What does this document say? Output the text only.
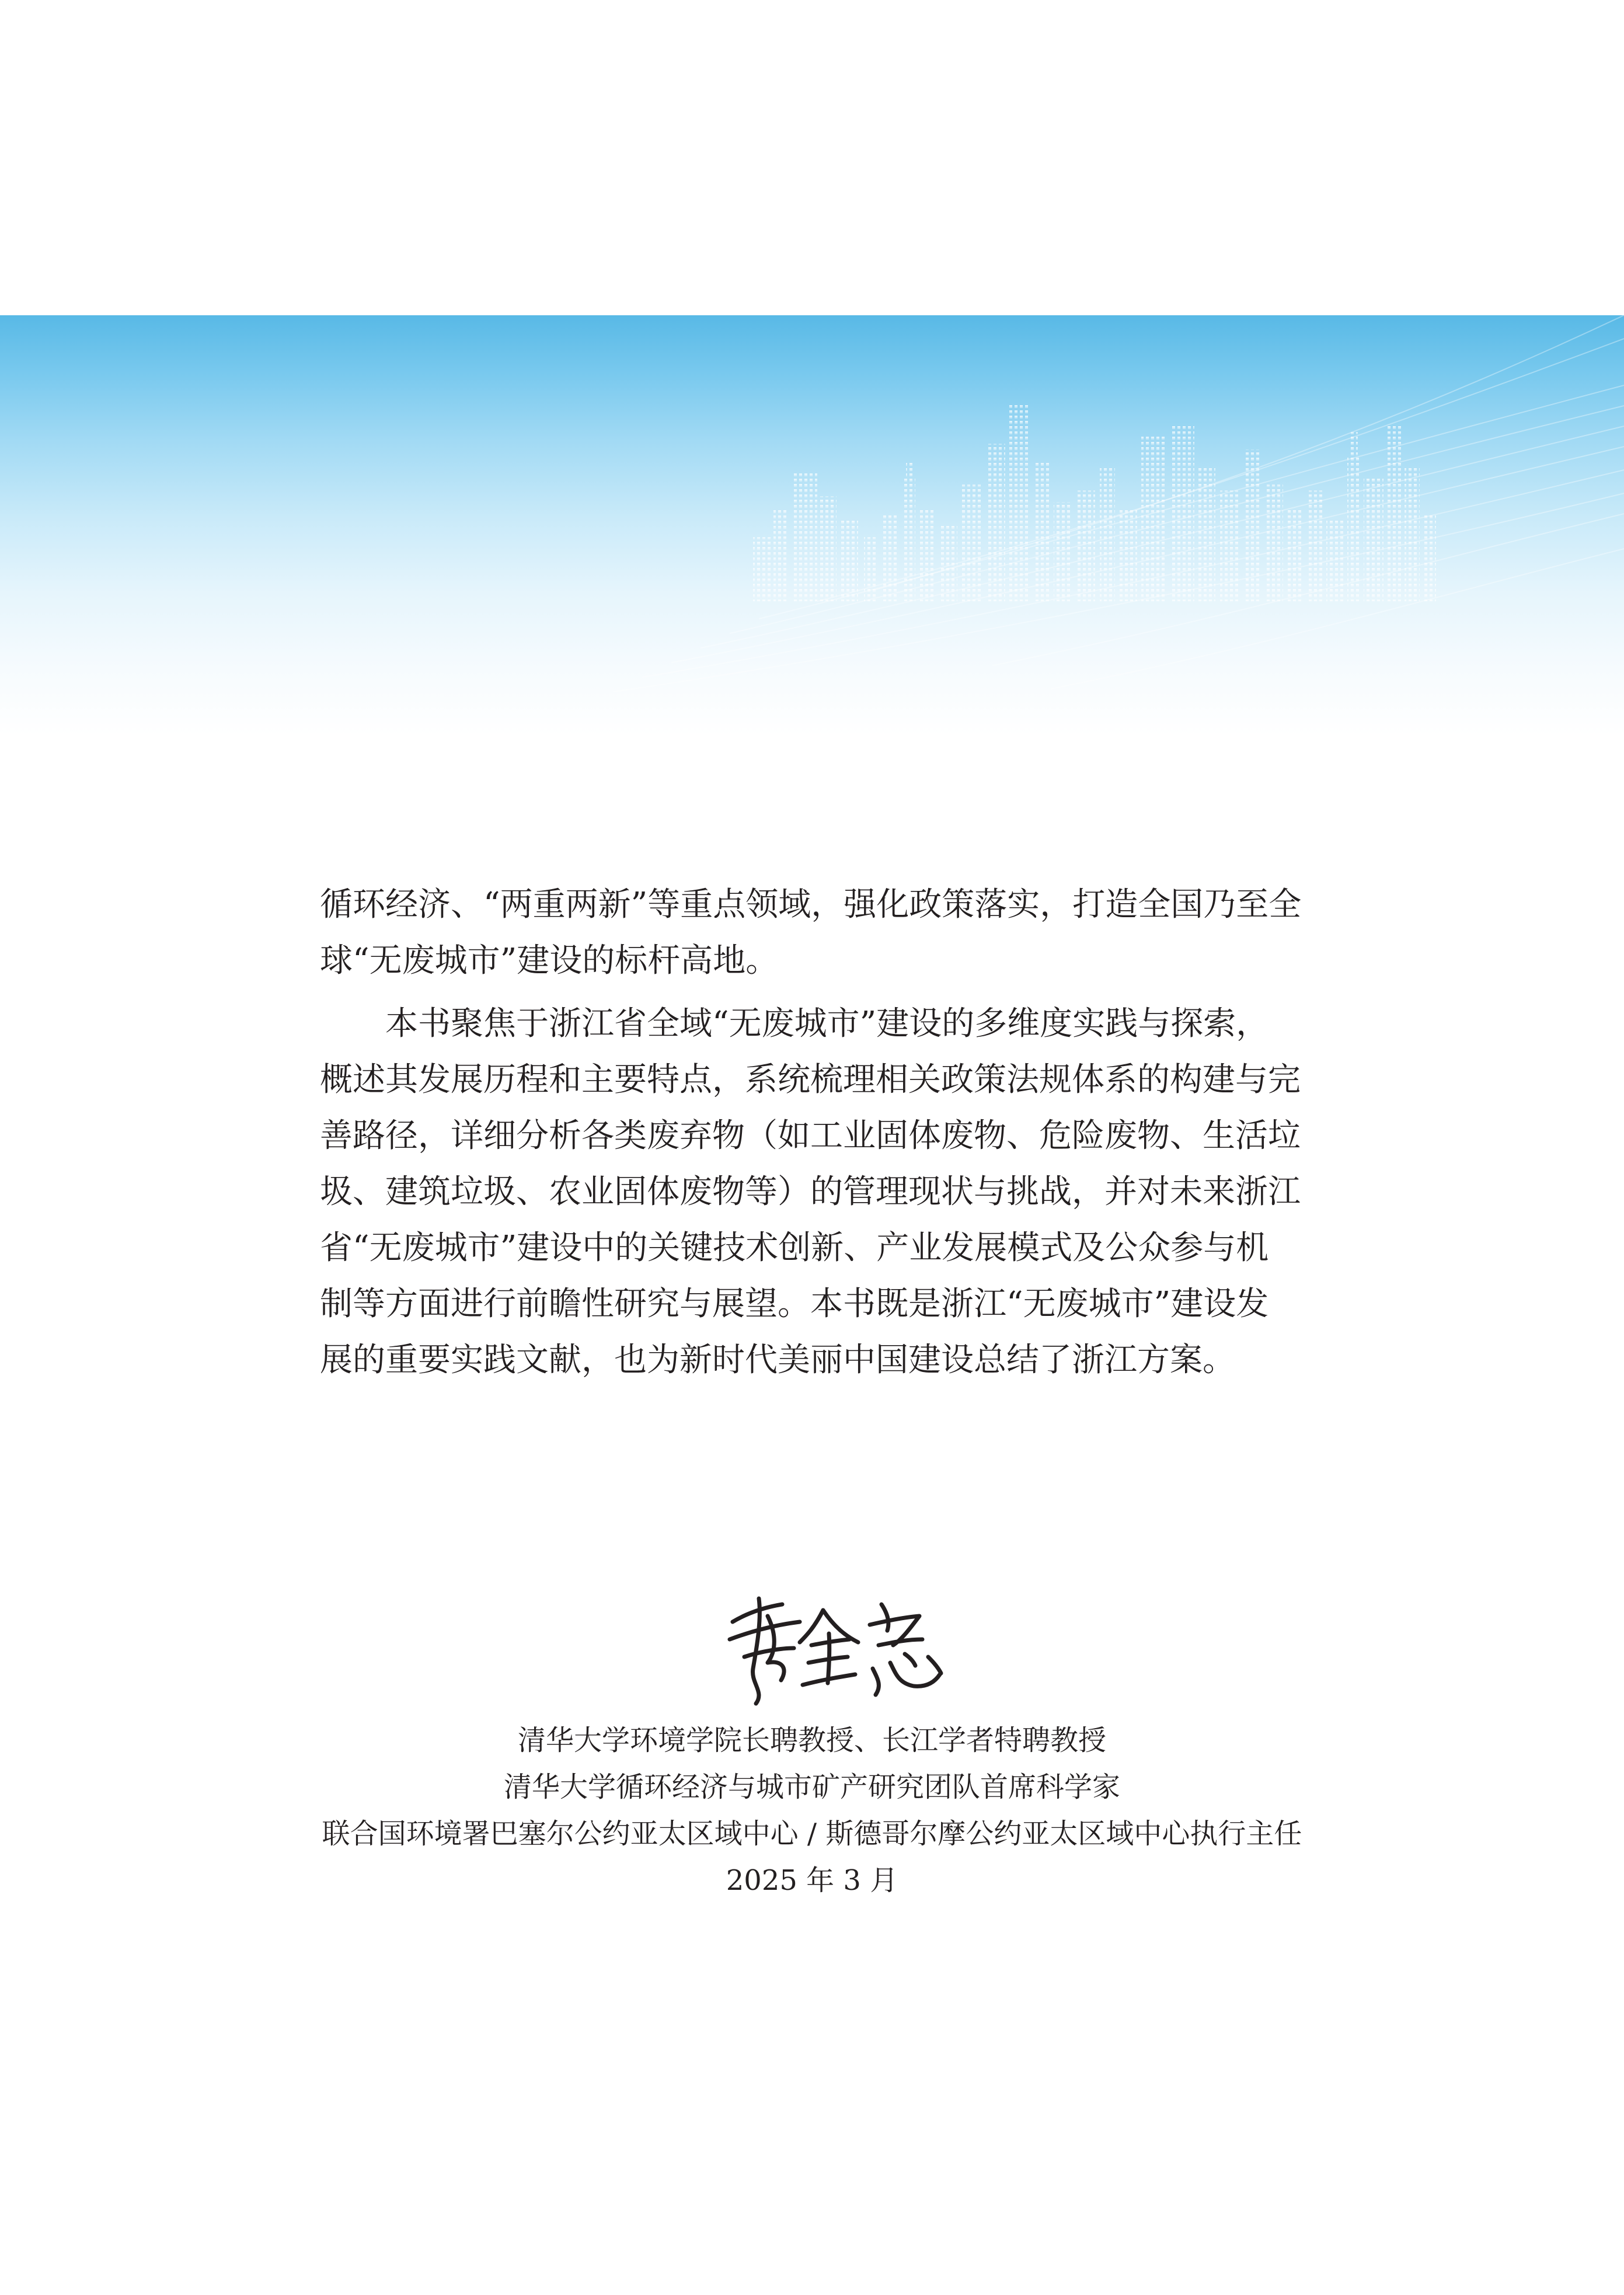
循环经济、“两重两新”等重点领域，强化政策落实，打造全国乃至全
球“无废城市”建设的标杆高地。
本书聚焦于浙江省全域“无废城市”建设的多维度实践与探索，
概述其发展历程和主要特点，系统梳理相关政策法规体系的构建与完
善路径，详细分析各类废弃物（如工业固体废物、危险废物、生活垃
圾、建筑垃圾、农业固体废物等）的管理现状与挑战，并对未来浙江
省“无废城市”建设中的关键技术创新、产业发展模式及公众参与机
制等方面进行前瞻性研究与展望。本书既是浙江“无废城市”建设发
展的重要实践文献，也为新时代美丽中国建设总结了浙江方案。
清华大学环境学院长聘教授、长江学者特聘教授
清华大学循环经济与城市矿产研究团队首席科学家
联合国环境署巴塞尔公约亚太区域中心 / 斯德哥尔摩公约亚太区域中心执行主任
2025 年 3 月
